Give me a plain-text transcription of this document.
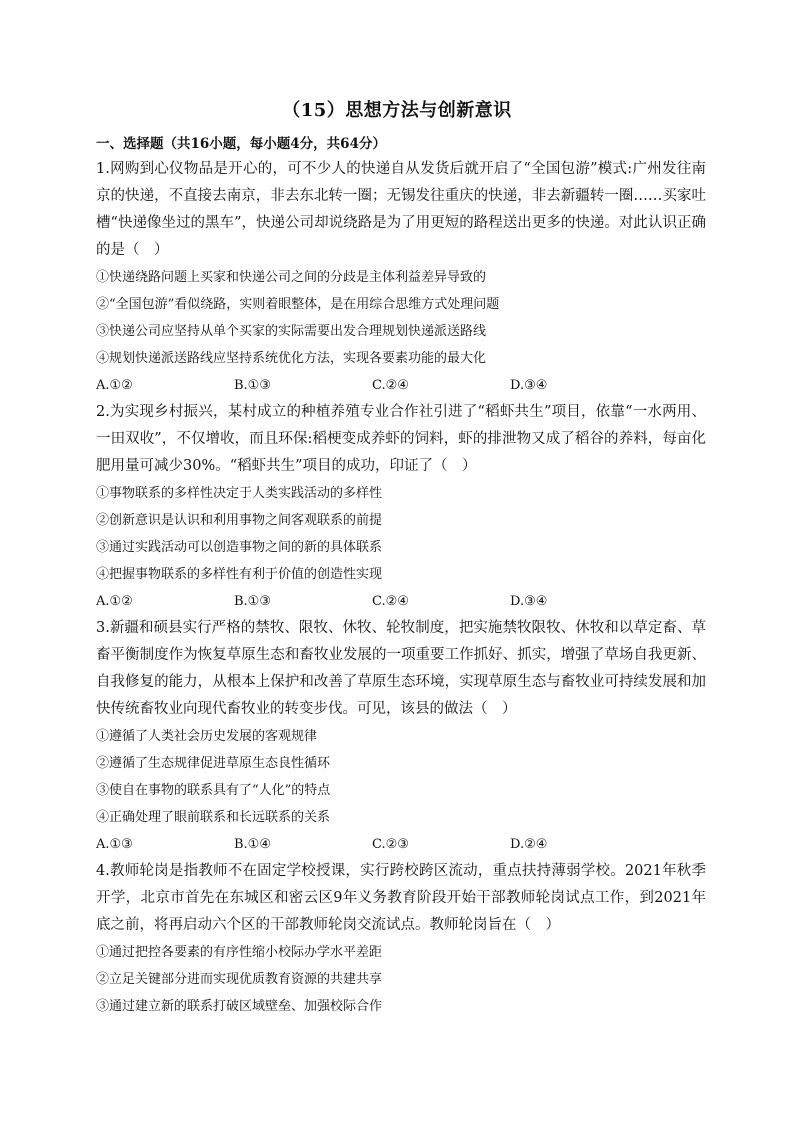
（15）思想方法与创新意识
一、选择题（共16小题，每小题4分，共64分）

1.网购到心仪物品是开心的，可不少人的快递自从发货后就开启了“全国包游”模式:广州发往南京的快递，不直接去南京，非去东北转一圈；无锡发往重庆的快递，非去新疆转一圈……买家吐槽“快递像坐过的黑车”，快递公司却说绕路是为了用更短的路程送出更多的快递。对此认识正确的是（　）

①快递绕路问题上买家和快递公司之间的分歧是主体利益差异导致的

②“全国包游”看似绕路，实则着眼整体，是在用综合思维方式处理问题

③快递公司应坚持从单个买家的实际需要出发合理规划快递派送路线

④规划快递派送路线应坚持系统优化方法，实现各要素功能的最大化

A.①②	B.①③	C.②④	D.③④

2.为实现乡村振兴，某村成立的种植养殖专业合作社引进了“稻虾共生”项目，依靠“一水两用、一田双收”，不仅增收，而且环保:稻梗变成养虾的饲料，虾的排泄物又成了稻谷的养料，每亩化肥用量可减少30%。“稻虾共生”项目的成功，印证了（　）

①事物联系的多样性决定于人类实践活动的多样性

②创新意识是认识和利用事物之间客观联系的前提

③通过实践活动可以创造事物之间的新的具体联系

④把握事物联系的多样性有利于价值的创造性实现

A.①②	B.①③	C.②④	D.③④

3.新疆和硕县实行严格的禁牧、限牧、休牧、轮牧制度，把实施禁牧限牧、休牧和以草定畜、草畜平衡制度作为恢复草原生态和畜牧业发展的一项重要工作抓好、抓实，增强了草场自我更新、自我修复的能力，从根本上保护和改善了草原生态环境，实现草原生态与畜牧业可持续发展和加快传统畜牧业向现代畜牧业的转变步伐。可见，该县的做法（　）

①遵循了人类社会历史发展的客观规律

②遵循了生态规律促进草原生态良性循环

③使自在事物的联系具有了“人化”的特点

④正确处理了眼前联系和长远联系的关系

A.①③	B.①④	C.②③	D.②④

4.教师轮岗是指教师不在固定学校授课，实行跨校跨区流动，重点扶持薄弱学校。2021年秋季开学，北京市首先在东城区和密云区9年义务教育阶段开始干部教师轮岗试点工作，到2021年底之前，将再启动六个区的干部教师轮岗交流试点。教师轮岗旨在（　）

①通过把控各要素的有序性缩小校际办学水平差距

②立足关键部分进而实现优质教育资源的共建共享

③通过建立新的联系打破区域壁垒、加强校际合作
